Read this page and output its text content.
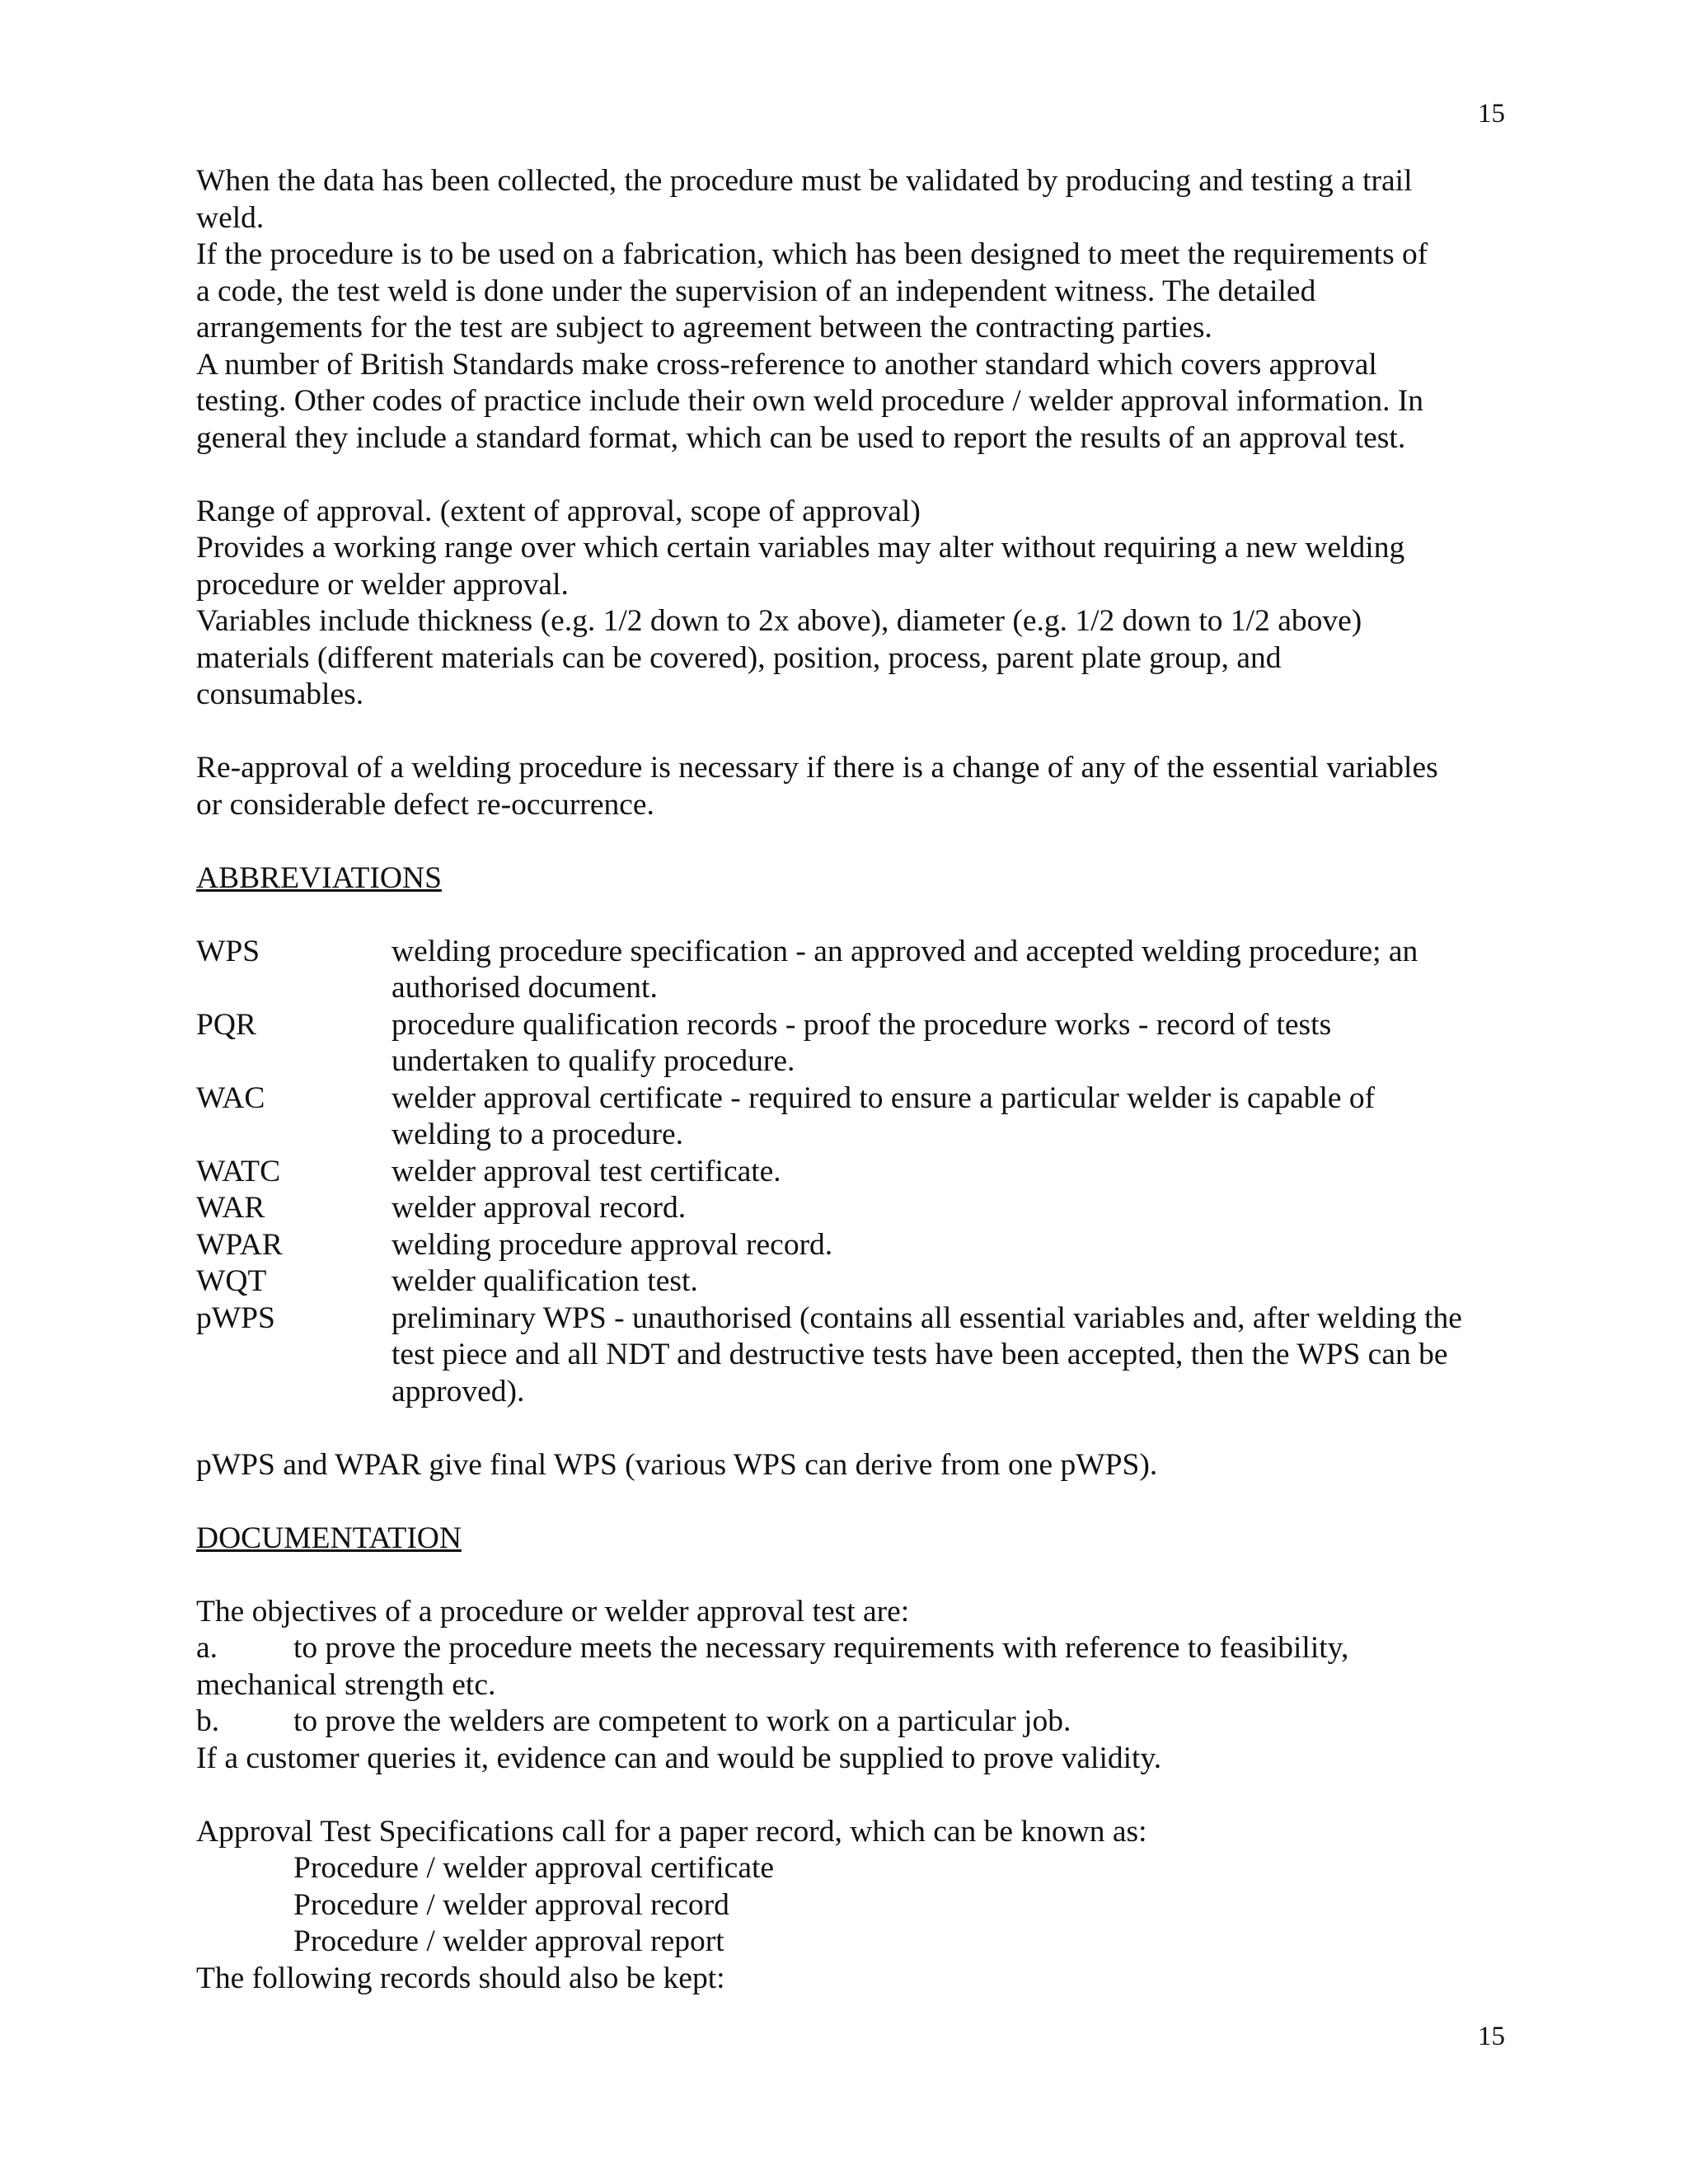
15

When the data has been collected, the procedure must be validated by producing and testing a trail

weld.

If the procedure is to be used on a fabrication, which has been designed to meet the requirements of

a code, the test weld is done under the supervision of an independent witness. The detailed

arrangements for the test are subject to agreement between the contracting parties.

A number of British Standards make cross-reference to another standard which covers approval

testing. Other codes of practice include their own weld procedure / welder approval information. In

general they include a standard format, which can be used to report the results of an approval test.

Range of approval. (extent of approval, scope of approval)

Provides a working range over which certain variables may alter without requiring a new welding

procedure or welder approval.

Variables include thickness (e.g. 1/2 down to 2x above), diameter (e.g. 1/2 down to 1/2 above)

materials (different materials can be covered), position, process, parent plate group, and

consumables.

Re-approval of a welding procedure is necessary if there is a change of any of the essential variables

or considerable defect re-occurrence.

ABBREVIATIONS

WPS	welding procedure specification - an approved and accepted welding procedure; an

authorised document.

PQR	procedure qualification records - proof the procedure works - record of tests

undertaken to qualify procedure.

WAC	welder approval certificate - required to ensure a particular welder is capable of

welding to a procedure.

WATC	welder approval test certificate.

WAR	welder approval record.

WPAR	welding procedure approval record.

WQT	welder qualification test.

pWPS	preliminary WPS - unauthorised (contains all essential variables and, after welding the

test piece and all NDT and destructive tests have been accepted, then the WPS can be

approved).

pWPS and WPAR give final WPS (various WPS can derive from one pWPS).

DOCUMENTATION

The objectives of a procedure or welder approval test are:

a. to prove the procedure meets the necessary requirements with reference to feasibility,

mechanical strength etc.

b. to prove the welders are competent to work on a particular job.

If a customer queries it, evidence can and would be supplied to prove validity.

Approval Test Specifications call for a paper record, which can be known as:

Procedure / welder approval certificate

Procedure / welder approval record

Procedure / welder approval report

The following records should also be kept:

15
